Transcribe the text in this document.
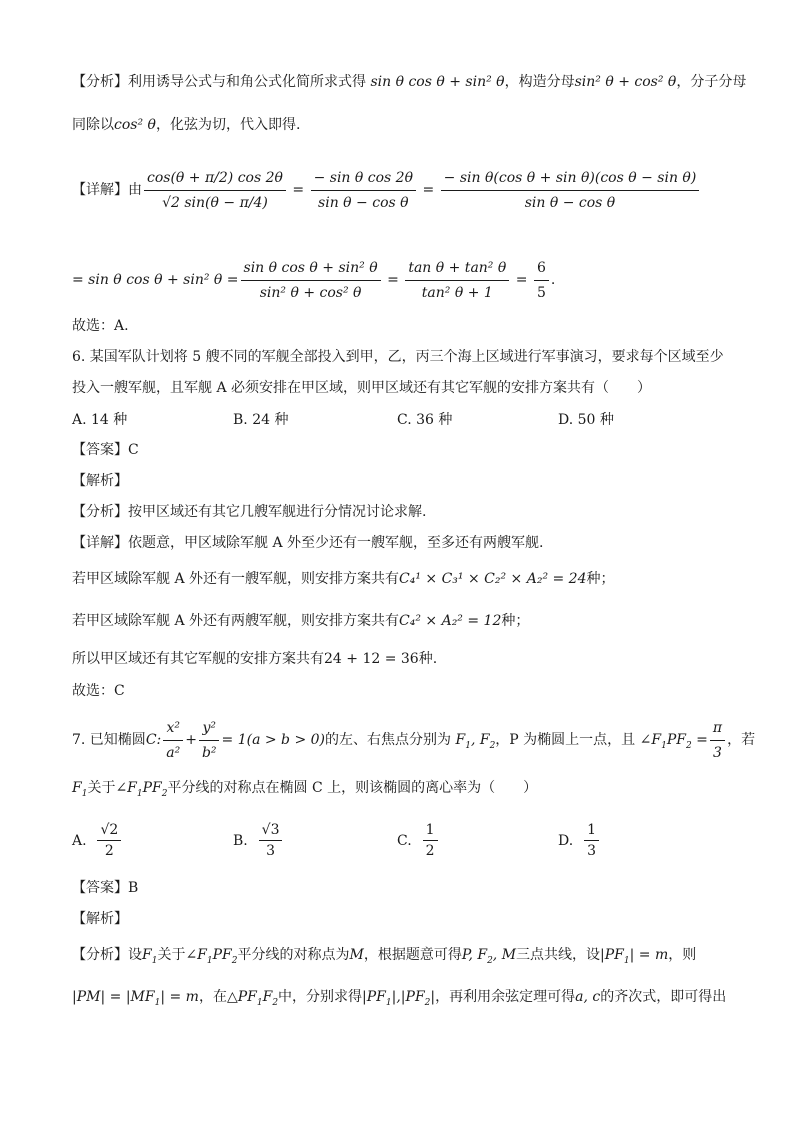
【分析】利用诱导公式与和角公式化简所求式得 sin θ cos θ + sin² θ，构造分母sin² θ + cos² θ，分子分母
同除以cos² θ，化弦为切，代入即得.
【详解】 由 $\frac{\cos(\theta + \pi/2) \cos 2\theta}{√2 \sin(\theta - \pi/4)} = \frac{\text{− sin θ cos 2θ}}{\text{sin θ − cos θ}} = \frac{\text{− sin θ(cos θ + sin θ)(cos θ − sin θ)}}{\text{sin θ − cos θ}}$
= sin θ cos θ + sin² $\theta = \frac{\text{sin θ cos θ + sin² θ}}{\text{sin² θ + cos² θ}} = \frac{\text{tan θ + tan² θ}}{\text{tan² θ + 1}} = \frac{6}{5}$ .
故选：A.
6. 某国军队计划将 5 艘不同的军舰全部投入到甲，乙，丙三个海上区域进行军事演习，要求每个区域至少
投入一艘军舰，且军舰 A 必须安排在甲区域，则甲区域还有其它军舰的安排方案共有（　　）
A. 14 种	B. 24 种	C. 36 种	D. 50 种
【答案】C
【解析】
【分析】按甲区域还有其它几艘军舰进行分情况讨论求解.
【详解】依题意，甲区域除军舰 A 外至少还有一艘军舰，至多还有两艘军舰.
若甲区域除军舰 A 外还有一艘军舰，则安排方案共有C₄¹ × C₃¹ × C₂² × A₂² = 24种；
若甲区域除军舰 A 外还有两艘军舰，则安排方案共有C₄² × A₂² = 12种；
所以甲区域还有其它军舰的安排方案共有24 + 12 = 36种.
故选：C
7. 已知椭圆 C: $\frac{\text{x²}}{\text{a²}} + \frac{\text{y²}}{\text{b²}} = 1(a > b > 0)$ 的左、右焦点分别为 $F_1$, $F_2$ ，P 为椭圆上一点，且 $\angle F_1PF_2 = \frac{\pi}{3}$ ，若
$F_1$关于$\angle F_1PF_2$平分线的对称点在椭圆 C 上，则该椭圆的离心率为（　　）
A.
$\frac{√2}{2}$	B.
$\frac{√3}{3}$	C.
$\frac{1}{2}$	D.
$\frac{1}{3}$
【答案】B
【解析】
【分析】设$F_1$关于$\angle F_1PF_2$平分线的对称点为M，根据题意可得P, $F_2$, M三点共线，设$|PF_1| = m$，则
$|PM| = |MF_1| = m$，在$\triangle PF_1F_2$中，分别求得$|PF_1|,|PF_2|$，再利用余弦定理可得a, c的齐次式，即可得出
